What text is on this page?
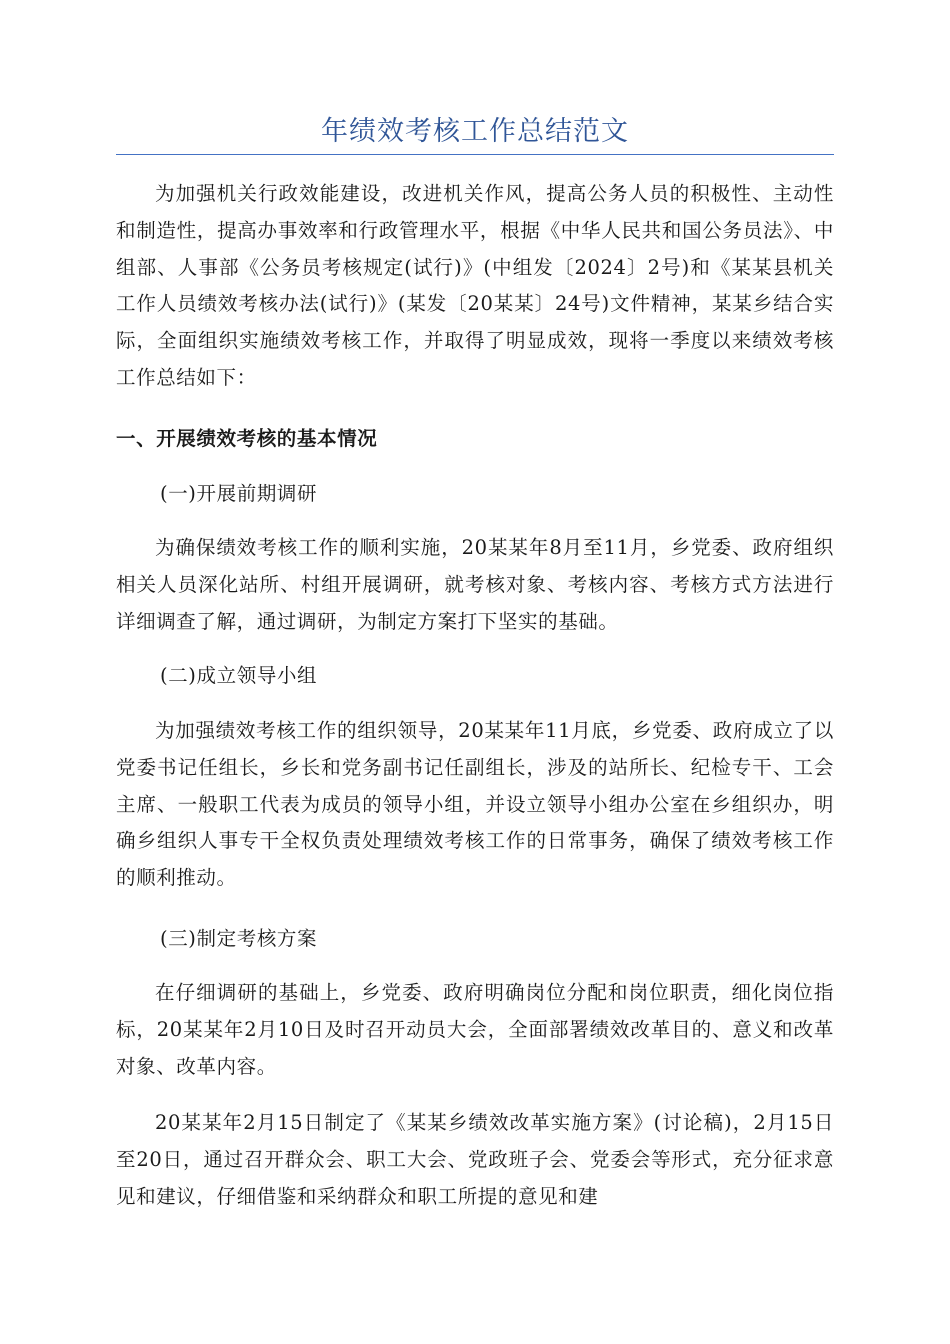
年绩效考核工作总结范文

为加强机关行政效能建设，改进机关作风，提高公务人员的积极性、主动性和制造性，提高办事效率和行政管理水平，根据《中华人民共和国公务员法》、中组部、人事部《公务员考核规定(试行)》(中组发〔2024〕2号)和《某某县机关工作人员绩效考核办法(试行)》(某发〔20某某〕24号)文件精神，某某乡结合实际，全面组织实施绩效考核工作，并取得了明显成效，现将一季度以来绩效考核工作总结如下：

一、开展绩效考核的基本情况

(一)开展前期调研

为确保绩效考核工作的顺利实施，20某某年8月至11月，乡党委、政府组织相关人员深化站所、村组开展调研，就考核对象、考核内容、考核方式方法进行详细调查了解，通过调研，为制定方案打下坚实的基础。

(二)成立领导小组

为加强绩效考核工作的组织领导，20某某年11月底，乡党委、政府成立了以党委书记任组长，乡长和党务副书记任副组长，涉及的站所长、纪检专干、工会主席、一般职工代表为成员的领导小组，并设立领导小组办公室在乡组织办，明确乡组织人事专干全权负责处理绩效考核工作的日常事务，确保了绩效考核工作的顺利推动。

(三)制定考核方案

在仔细调研的基础上，乡党委、政府明确岗位分配和岗位职责，细化岗位指标，20某某年2月10日及时召开动员大会，全面部署绩效改革目的、意义和改革对象、改革内容。

20某某年2月15日制定了《某某乡绩效改革实施方案》(讨论稿)，2月15日至20日，通过召开群众会、职工大会、党政班子会、党委会等形式，充分征求意见和建议，仔细借鉴和采纳群众和职工所提的意见和建
